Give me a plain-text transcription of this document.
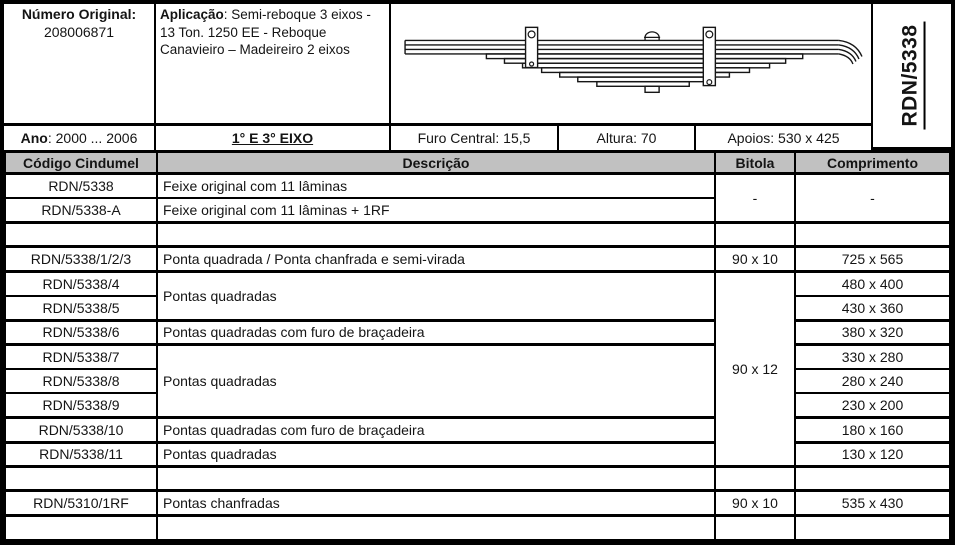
Número Original:
208006871
Aplicação: Semi-reboque 3 eixos - 13 Ton. 1250 EE - Reboque Canavieiro – Madeireiro 2 eixos	RDN/5338
Ano : 2000 ... 2006	1° E 3° EIXO	Furo Central: 15,5	Altura: 70	Apoios: 530 x 425
Código Cindumel	Descrição	Bitola	Comprimento
RDN/5338	Feixe original com 11 lâminas	-	-
RDN/5338-A	Feixe original com 11 lâminas + 1RF		

RDN/5338/1/2/3	Ponta quadrada / Ponta chanfrada e semi-virada	90 x 10	725 x 565
RDN/5338/4	Pontas quadradas	90 x 12	480 x 400
RDN/5338/5			430 x 360
RDN/5338/6	Pontas quadradas com furo de braçadeira		380 x 320
RDN/5338/7	Pontas quadradas		330 x 280
RDN/5338/8			280 x 240
RDN/5338/9			230 x 200
RDN/5338/10	Pontas quadradas com furo de braçadeira		180 x 160
RDN/5338/11	Pontas quadradas		130 x 120

RDN/5310/1RF	Pontas chanfradas	90 x 10	535 x 430
